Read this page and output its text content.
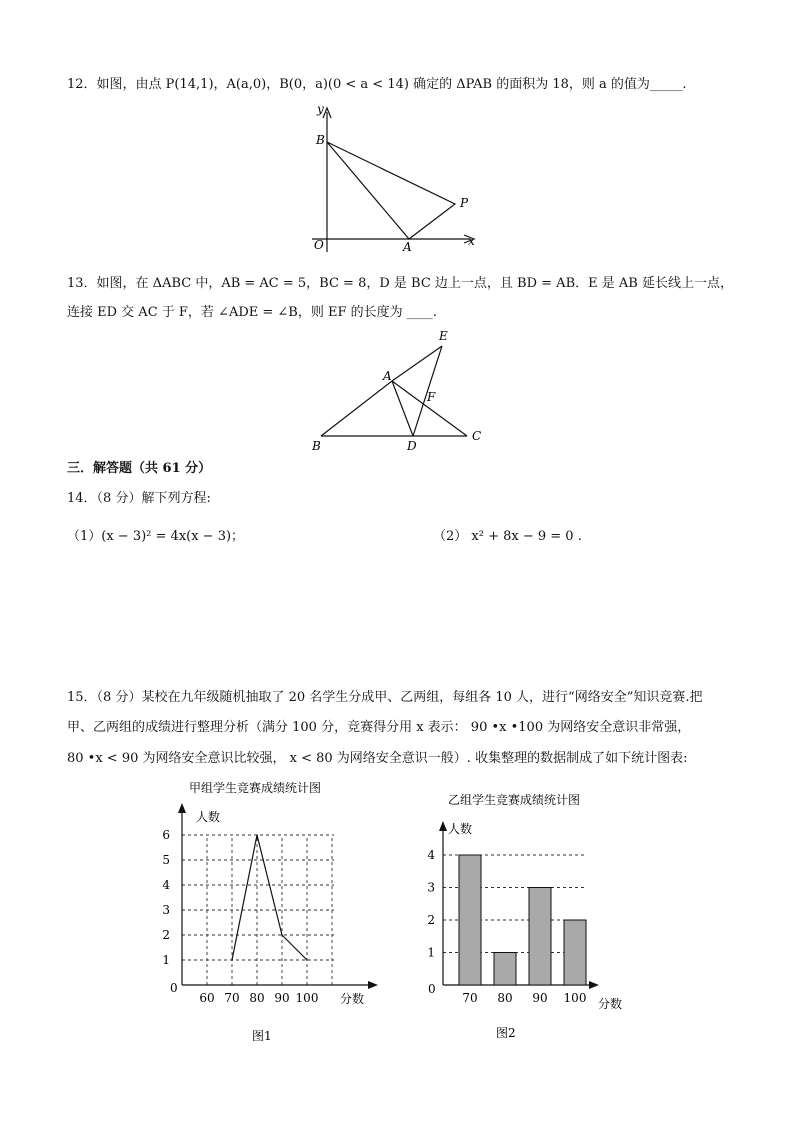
12．如图，由点 P(14,1)，A(a,0)，B(0，a)(0 < a < 14) 确定的 ΔPAB 的面积为 18，则 a 的值为_____.
y
B
P
O	A	x
13．如图，在 ΔABC 中，AB = AC = 5，BC = 8，D 是 BC 边上一点，且 BD = AB．E 是 AB 延长线上一点，
连接 ED 交 AC 于 F，若 ∠ADE = ∠B，则 EF 的长度为 ____.
E
A
F
B	D
C
三．解答题（共 61 分）
14．（8 分）解下列方程:
（1）(x − 3)² = 4x(x − 3)；	（2） x² + 8x − 9 = 0 .
15．（8 分）某校在九年级随机抽取了 20 名学生分成甲、乙两组，每组各 10 人，进行“网络安全”知识竞赛.把
甲、乙两组的成绩进行整理分析（满分 100 分，竞赛得分用 x 表示： 90 •x •100 为网络安全意识非常强，
80 •x < 90 为网络安全意识比较强， x < 80 为网络安全意识一般）. 收集整理的数据制成了如下统计图表:
甲组学生竞赛成绩统计图
人数
分数
0
图1
1
2
3
4
5
6
60 70 80 90 100
乙组学生竞赛成绩统计图
人数
分数
0
图2
70 80 90 100
1
2
3
4
